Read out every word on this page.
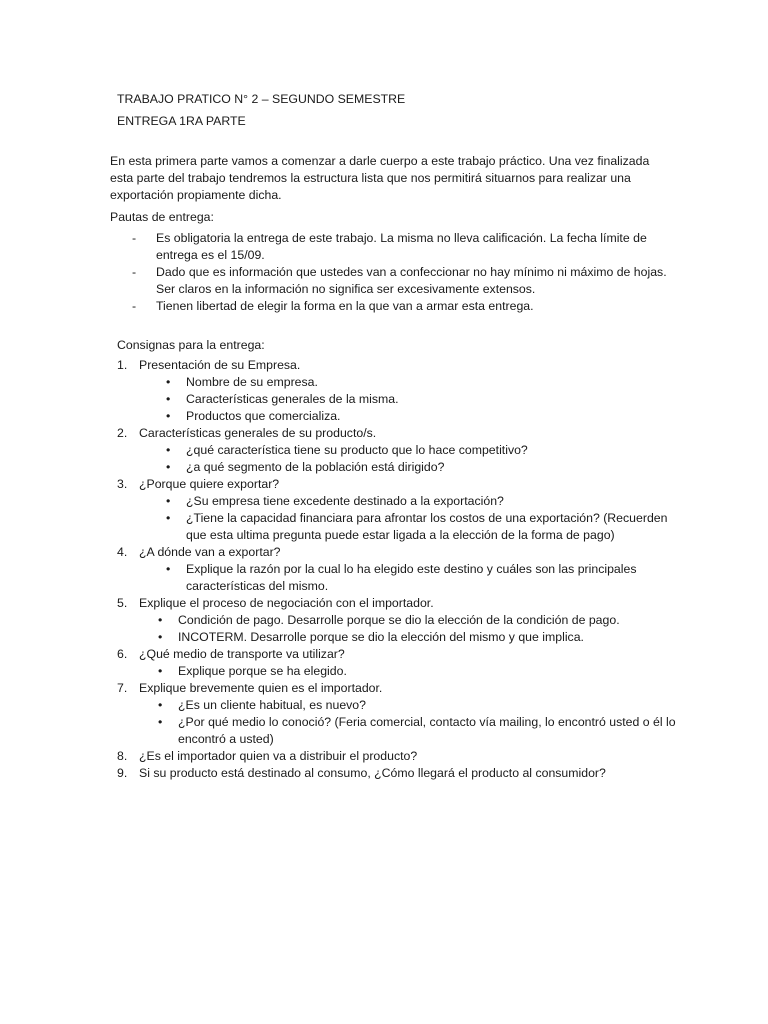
TRABAJO PRATICO N° 2 – SEGUNDO SEMESTRE

ENTREGA 1RA PARTE

En esta primera parte vamos a comenzar a darle cuerpo a este trabajo práctico. Una vez finalizada esta parte del trabajo tendremos la estructura lista que nos permitirá situarnos para realizar una exportación propiamente dicha.

Pautas de entrega:

- Es obligatoria la entrega de este trabajo. La misma no lleva calificación. La fecha límite de entrega es el 15/09.
- Dado que es información que ustedes van a confeccionar no hay mínimo ni máximo de hojas. Ser claros en la información no significa ser excesivamente extensos.
- Tienen libertad de elegir la forma en la que van a armar esta entrega.

Consignas para la entrega:

1. Presentación de su Empresa.
• Nombre de su empresa.
• Características generales de la misma.
• Productos que comercializa.
2. Características generales de su producto/s.
• ¿qué característica tiene su producto que lo hace competitivo?
• ¿a qué segmento de la población está dirigido?
3. ¿Porque quiere exportar?
• ¿Su empresa tiene excedente destinado a la exportación?
• ¿Tiene la capacidad financiara para afrontar los costos de una exportación? (Recuerden que esta ultima pregunta puede estar ligada a la elección de la forma de pago)
4. ¿A dónde van a exportar?
• Explique la razón por la cual lo ha elegido este destino y cuáles son las principales características del mismo.
5. Explique el proceso de negociación con el importador.
• Condición de pago. Desarrolle porque se dio la elección de la condición de pago.
• INCOTERM. Desarrolle porque se dio la elección del mismo y que implica.
6. ¿Qué medio de transporte va utilizar?
• Explique porque se ha elegido.
7. Explique brevemente quien es el importador.
• ¿Es un cliente habitual, es nuevo?
• ¿Por qué medio lo conoció? (Feria comercial, contacto vía mailing, lo encontró usted o él lo encontró a usted)
8. ¿Es el importador quien va a distribuir el producto?
9. Si su producto está destinado al consumo, ¿Cómo llegará el producto al consumidor?
